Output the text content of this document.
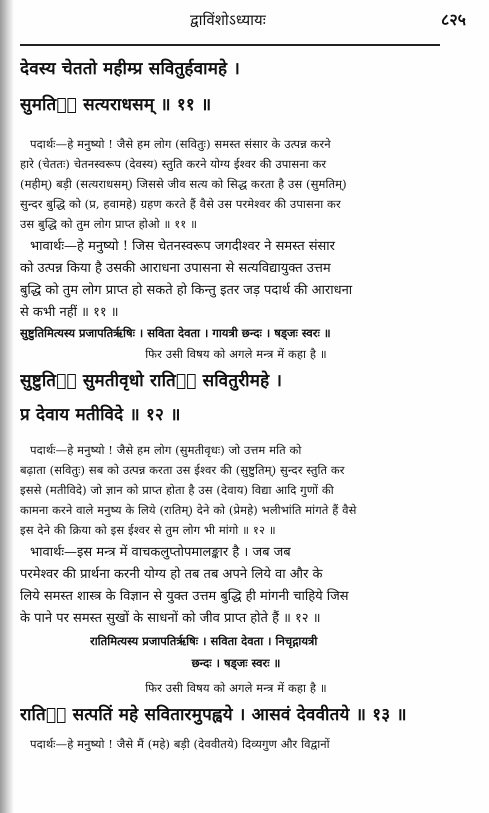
द्वाविंशोऽध्यायः	८२५
देवस्य चेततो महीम्प्र सवितुर्हवामहे ।
सुमतिᳬं सत्यराधसम् ॥ ११ ॥
पदार्थः—हे मनुष्यो ! जैसे हम लोग (सवितुः) समस्त संसार के उत्पन्न करने
हारे (चेततः) चेतनस्वरूप (देवस्य) स्तुति करने योग्य ईश्वर की उपासना कर
(महीम्) बड़ी (सत्यराधसम्) जिससे जीव सत्य को सिद्ध करता है उस (सुमतिम्)
सुन्दर बुद्धि को (प्र, हवामहे) ग्रहण करते हैं वैसे उस परमेश्वर की उपासना कर
उस बुद्धि को तुम लोग प्राप्त होओ ॥ ११ ॥
भावार्थः—हे मनुष्यो ! जिस चेतनस्वरूप जगदीश्वर ने समस्त संसार
को उत्पन्न किया है उसकी आराधना उपासना से सत्यविद्यायुक्त उत्तम
बुद्धि को तुम लोग प्राप्त हो सकते हो किन्तु इतर जड़ पदार्थ की आराधना
से कभी नहीं ॥ ११ ॥
सुष्टुतिमित्यस्य प्रजापतिर्ऋषिः । सविता देवता । गायत्री छन्दः । षड्जः स्वरः ॥
फिर उसी विषय को अगले मन्त्र में कहा है ॥
सुष्टुतिᳬं सुमतीवृधो रातिᳬं सवितुरीमहे ।
प्र देवाय मतीविदे ॥ १२ ॥
पदार्थः—हे मनुष्यो ! जैसे हम लोग (सुमतीवृधः) जो उत्तम मति को
बढ़ाता (सवितुः) सब को उत्पन्न करता उस ईश्वर की (सुष्टुतिम्) सुन्दर स्तुति कर
इससे (मतीविदे) जो ज्ञान को प्राप्त होता है उस (देवाय) विद्या आदि गुणों की
कामना करने वाले मनुष्य के लिये (रातिम्) देने को (प्रेमहे) भलीभांति मांगते हैं वैसे
इस देने की क्रिया को इस ईश्वर से तुम लोग भी मांगो ॥ १२ ॥
भावार्थः—इस मन्त्र में वाचकलुप्तोपमालङ्कार है । जब जब
परमेश्वर की प्रार्थना करनी योग्य हो तब तब अपने लिये वा और के
लिये समस्त शास्त्र के विज्ञान से युक्त उत्तम बुद्धि ही मांगनी चाहिये जिस
के पाने पर समस्त सुखों के साधनों को जीव प्राप्त होते हैं ॥ १२ ॥
रातिमित्यस्य प्रजापतिर्ऋषिः । सविता देवता । निचृद्गायत्री
छन्दः । षड्जः स्वरः ॥
फिर उसी विषय को अगले मन्त्र में कहा है ॥
रातिᳬं सत्पतिं महे सवितारमुपह्वये । आसवं देववीतये ॥ १३ ॥
पदार्थः—हे मनुष्यो ! जैसे मैं (महे) बड़ी (देववीतये) दिव्यगुण और विद्वानों
